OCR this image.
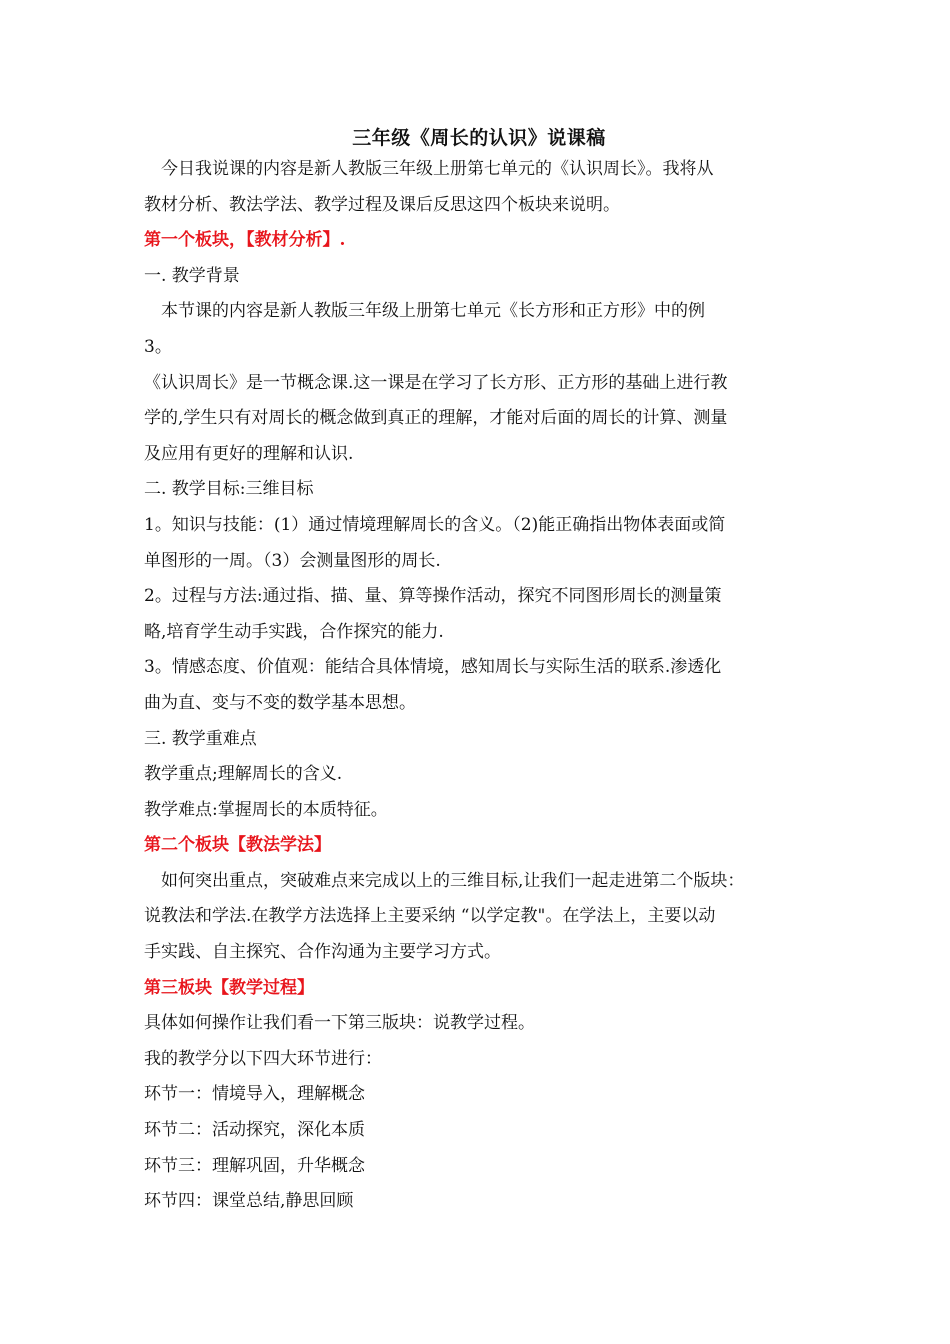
三年级《周长的认识》说课稿

今日我说课的内容是新人教版三年级上册第七单元的《认识周长》。我将从

教材分析、教法学法、教学过程及课后反思这四个板块来说明。

第一个板块，【教材分析】.

一. 教学背景

本节课的内容是新人教版三年级上册第七单元《长方形和正方形》中的例

3。

《认识周长》是一节概念课.这一课是在学习了长方形、正方形的基础上进行教

学的,学生只有对周长的概念做到真正的理解，才能对后面的周长的计算、测量

及应用有更好的理解和认识.

二. 教学目标:三维目标

1。知识与技能：(1）通过情境理解周长的含义。（2)能正确指出物体表面或简

单图形的一周。（3）会测量图形的周长.

2。过程与方法:通过指、描、量、算等操作活动，探究不同图形周长的测量策

略,培育学生动手实践，合作探究的能力.

3。情感态度、价值观：能结合具体情境，感知周长与实际生活的联系.渗透化

曲为直、变与不变的数学基本思想。

三. 教学重难点

教学重点;理解周长的含义.

教学难点:掌握周长的本质特征。

第二个板块【教法学法】

如何突出重点，突破难点来完成以上的三维目标,让我们一起走进第二个版块：

说教法和学法.在教学方法选择上主要采纳 “以学定教"。在学法上，主要以动

手实践、自主探究、合作沟通为主要学习方式。

第三板块【教学过程】

具体如何操作让我们看一下第三版块：说教学过程。

我的教学分以下四大环节进行：

环节一：情境导入，理解概念

环节二：活动探究，深化本质

环节三：理解巩固，升华概念

环节四：课堂总结,静思回顾
